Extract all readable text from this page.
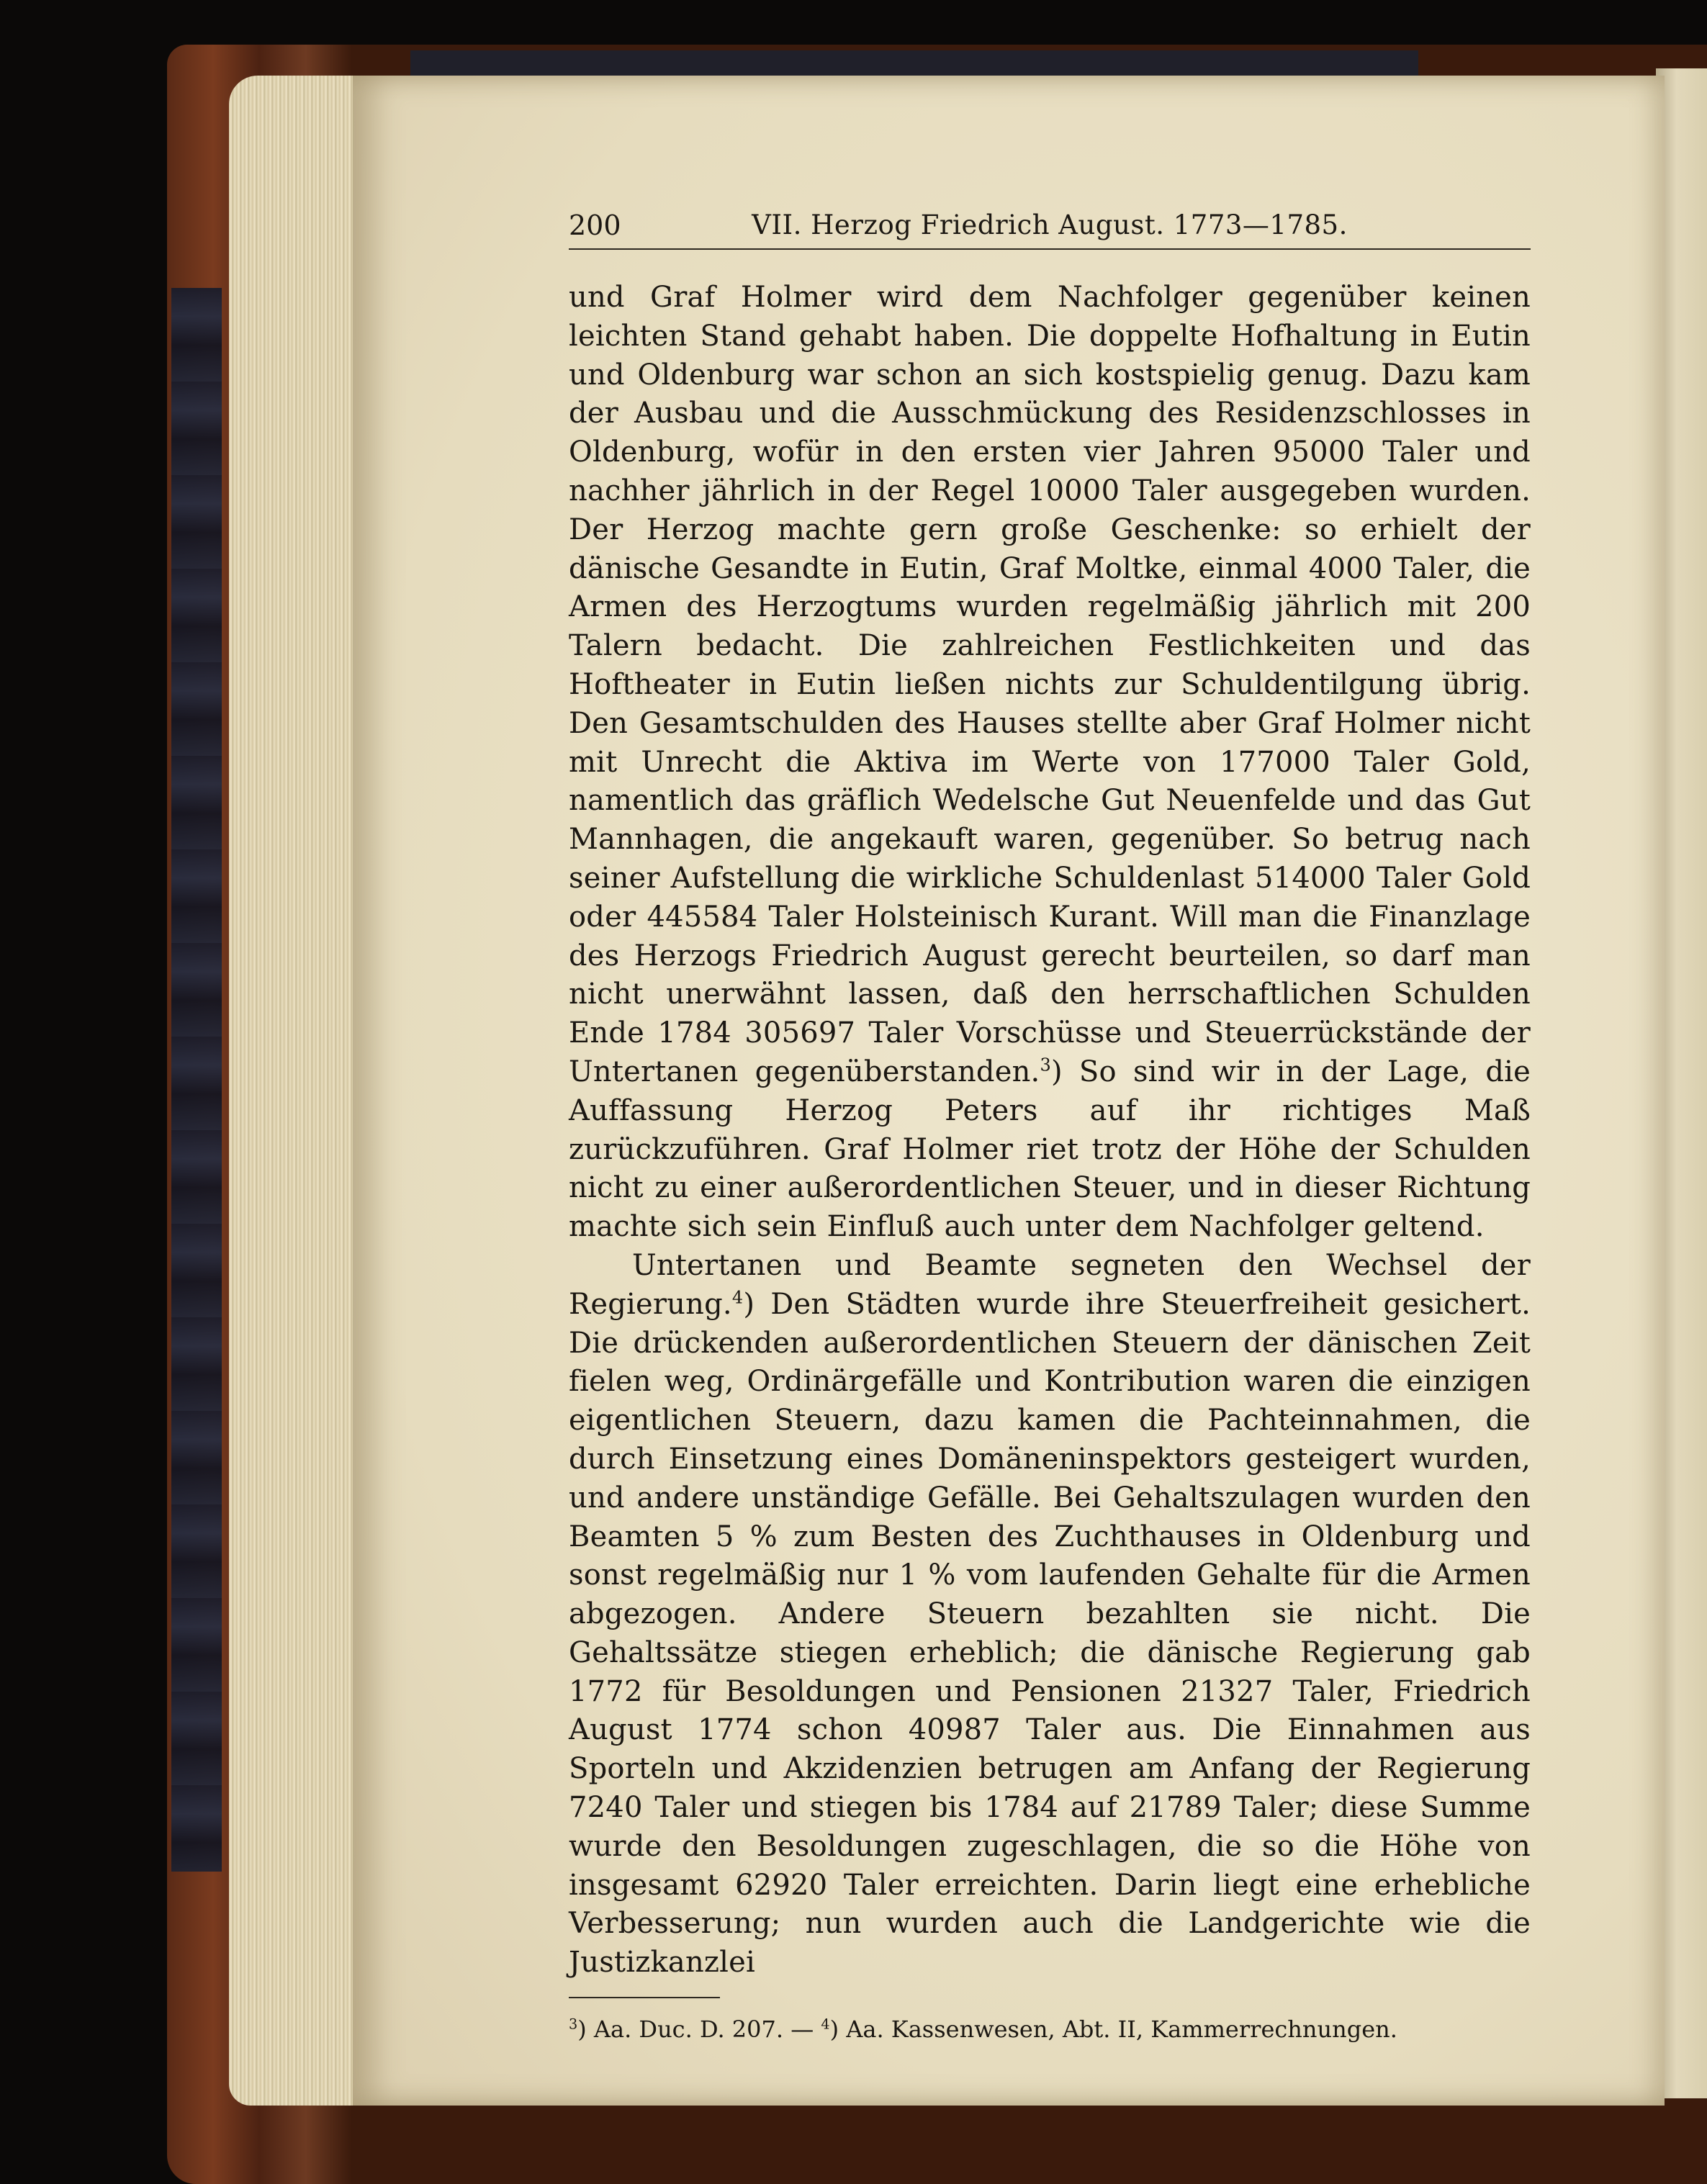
200	VII. Herzog Friedrich August. 1773—1785.

und Graf Holmer wird dem Nachfolger gegenüber keinen leichten Stand gehabt haben. Die doppelte Hofhaltung in Eutin und Oldenburg war schon an sich kostspielig genug. Dazu kam der Ausbau und die Ausschmückung des Residenzschlosses in Oldenburg, wofür in den ersten vier Jahren 95000 Taler und nachher jährlich in der Regel 10000 Taler ausgegeben wurden. Der Herzog machte gern große Geschenke: so erhielt der dänische Gesandte in Eutin, Graf Moltke, einmal 4000 Taler, die Armen des Herzogtums wurden regelmäßig jährlich mit 200 Talern bedacht. Die zahlreichen Festlichkeiten und das Hoftheater in Eutin ließen nichts zur Schuldentilgung übrig. Den Gesamtschulden des Hauses stellte aber Graf Holmer nicht mit Unrecht die Aktiva im Werte von 177000 Taler Gold, namentlich das gräflich Wedelsche Gut Neuenfelde und das Gut Mannhagen, die angekauft waren, gegenüber. So betrug nach seiner Aufstellung die wirkliche Schuldenlast 514000 Taler Gold oder 445584 Taler Holsteinisch Kurant. Will man die Finanzlage des Herzogs Friedrich August gerecht beurteilen, so darf man nicht unerwähnt lassen, daß den herrschaftlichen Schulden Ende 1784 305697 Taler Vorschüsse und Steuerrückstände der Untertanen gegenüberstanden.$^3$) So sind wir in der Lage, die Auffassung Herzog Peters auf ihr richtiges Maß zurückzuführen. Graf Holmer riet trotz der Höhe der Schulden nicht zu einer außerordentlichen Steuer, und in dieser Richtung machte sich sein Einfluß auch unter dem Nachfolger geltend.

Untertanen und Beamte segneten den Wechsel der Regierung.$^4$) Den Städten wurde ihre Steuerfreiheit gesichert. Die drückenden außerordentlichen Steuern der dänischen Zeit fielen weg, Ordinärgefälle und Kontribution waren die einzigen eigentlichen Steuern, dazu kamen die Pachteinnahmen, die durch Einsetzung eines Domäneninspektors gesteigert wurden, und andere unständige Gefälle. Bei Gehaltszulagen wurden den Beamten 5 % zum Besten des Zuchthauses in Oldenburg und sonst regelmäßig nur 1 % vom laufenden Gehalte für die Armen abgezogen. Andere Steuern bezahlten sie nicht. Die Gehaltssätze stiegen erheblich; die dänische Regierung gab 1772 für Besoldungen und Pensionen 21327 Taler, Friedrich August 1774 schon 40987 Taler aus. Die Einnahmen aus Sporteln und Akzidenzien betrugen am Anfang der Regierung 7240 Taler und stiegen bis 1784 auf 21789 Taler; diese Summe wurde den Besoldungen zugeschlagen, die so die Höhe von insgesamt 62920 Taler erreichten. Darin liegt eine erhebliche Verbesserung; nun wurden auch die Landgerichte wie die Justizkanzlei

$^3$) Aa. Duc. D. 207. — $^4$) Aa. Kassenwesen, Abt. II, Kammerrechnungen.
